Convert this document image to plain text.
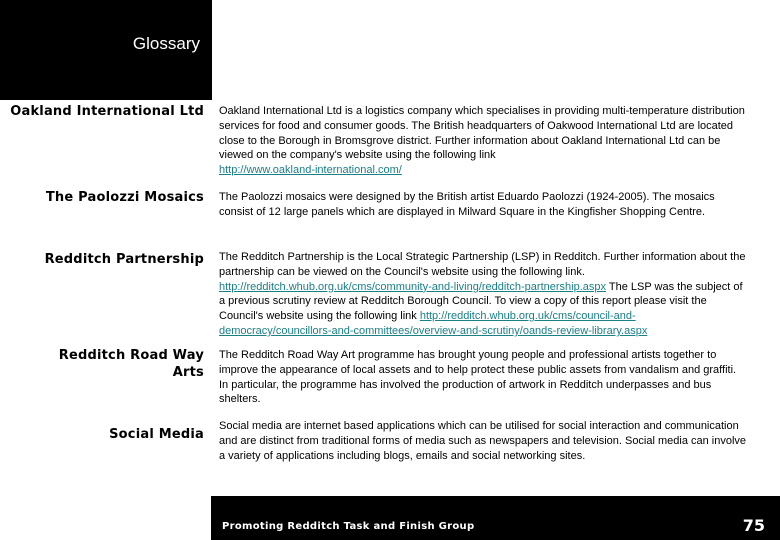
Glossary
Oakland International Ltd Oakland International Ltd is a logistics company which specialises in providing multi-temperature distribution services for food and consumer goods. The British headquarters of Oakwood International Ltd are located close to the Borough in Bromsgrove district. Further information about Oakland International Ltd can be viewed on the company's website using the following link
http://www.oakland-international.com/
The Paolozzi Mosaics The Paolozzi mosaics were designed by the British artist Eduardo Paolozzi (1924-2005). The mosaics consist of 12 large panels which are displayed in Milward Square in the Kingfisher Shopping Centre.
Redditch Partnership The Redditch Partnership is the Local Strategic Partnership (LSP) in Redditch. Further information about the partnership can be viewed on the Council's website using the following link. http://redditch.whub.org.uk/cms/community-and-living/redditch-partnership.aspx The LSP was the subject of a previous scrutiny review at Redditch Borough Council. To view a copy of this report please visit the Council's website using the following link http://redditch.whub.org.uk/cms/council-and-democracy/councillors-and-committees/overview-and-scrutiny/oands-review-library.aspx
Redditch Road Way Arts
The Redditch Road Way Art programme has brought young people and professional artists together to improve the appearance of local assets and to help protect these public assets from vandalism and graffiti. In particular, the programme has involved the production of artwork in Redditch underpasses and bus shelters.
Social Media
Social media are internet based applications which can be utilised for social interaction and communication and are distinct from traditional forms of media such as newspapers and television. Social media can involve a variety of applications including blogs, emails and social networking sites.
Promoting Redditch Task and Finish Group	75
